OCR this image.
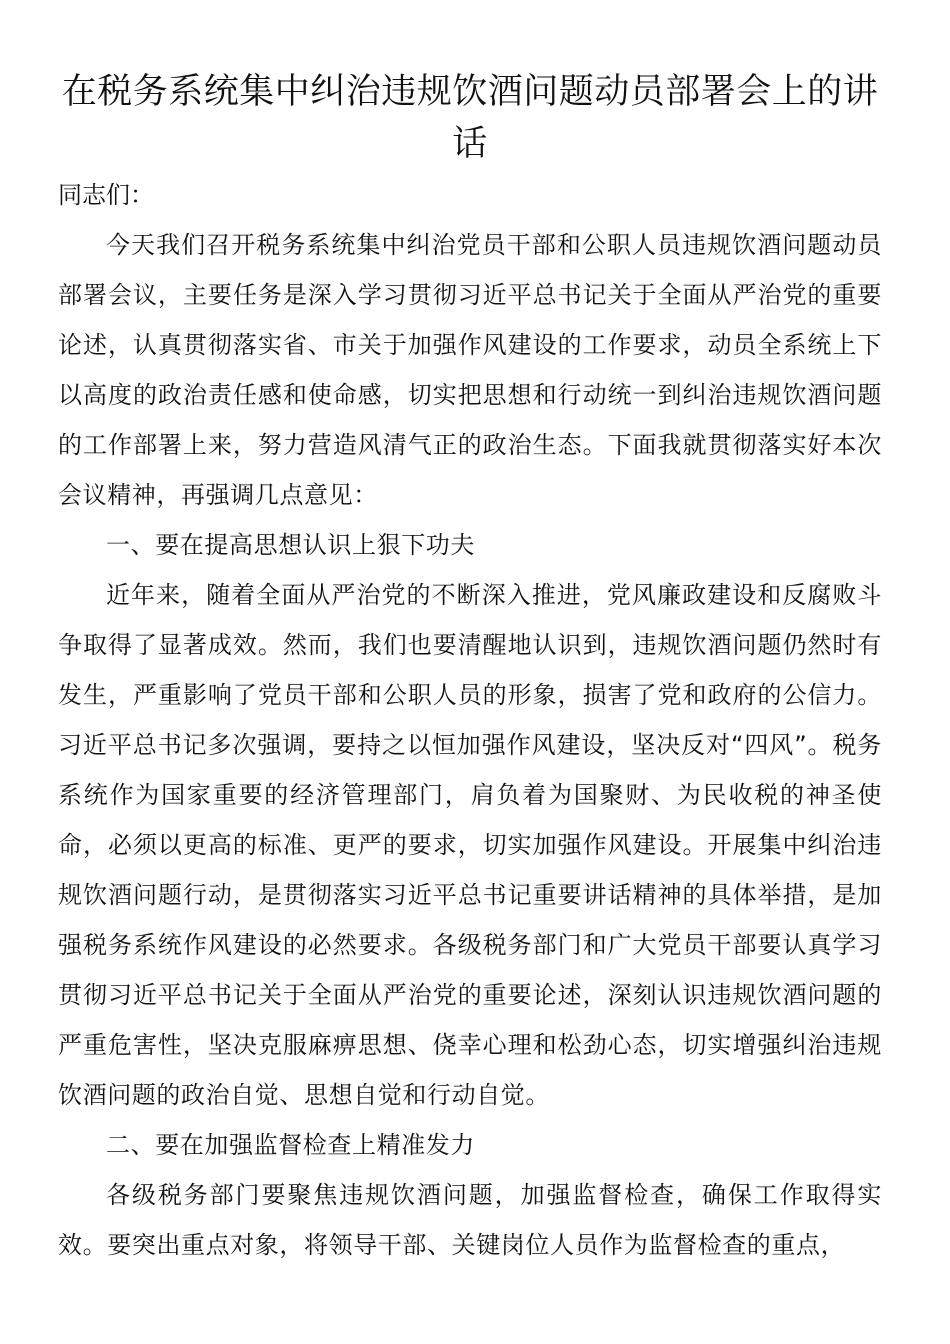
在税务系统集中纠治违规饮酒问题动员部署会上的讲话

同志们：

今天我们召开税务系统集中纠治党员干部和公职人员违规饮酒问题动员部署会议，主要任务是深入学习贯彻习近平总书记关于全面从严治党的重要论述，认真贯彻落实省、市关于加强作风建设的工作要求，动员全系统上下以高度的政治责任感和使命感，切实把思想和行动统一到纠治违规饮酒问题的工作部署上来，努力营造风清气正的政治生态。下面我就贯彻落实好本次会议精神，再强调几点意见：

一、要在提高思想认识上狠下功夫

近年来，随着全面从严治党的不断深入推进，党风廉政建设和反腐败斗争取得了显著成效。然而，我们也要清醒地认识到，违规饮酒问题仍然时有发生，严重影响了党员干部和公职人员的形象，损害了党和政府的公信力。习近平总书记多次强调，要持之以恒加强作风建设，坚决反对“四风”。税务系统作为国家重要的经济管理部门，肩负着为国聚财、为民收税的神圣使命，必须以更高的标准、更严的要求，切实加强作风建设。开展集中纠治违规饮酒问题行动，是贯彻落实习近平总书记重要讲话精神的具体举措，是加强税务系统作风建设的必然要求。各级税务部门和广大党员干部要认真学习贯彻习近平总书记关于全面从严治党的重要论述，深刻认识违规饮酒问题的严重危害性，坚决克服麻痹思想、侥幸心理和松劲心态，切实增强纠治违规饮酒问题的政治自觉、思想自觉和行动自觉。

二、要在加强监督检查上精准发力

各级税务部门要聚焦违规饮酒问题，加强监督检查，确保工作取得实效。要突出重点对象，将领导干部、关键岗位人员作为监督检查的重点，
